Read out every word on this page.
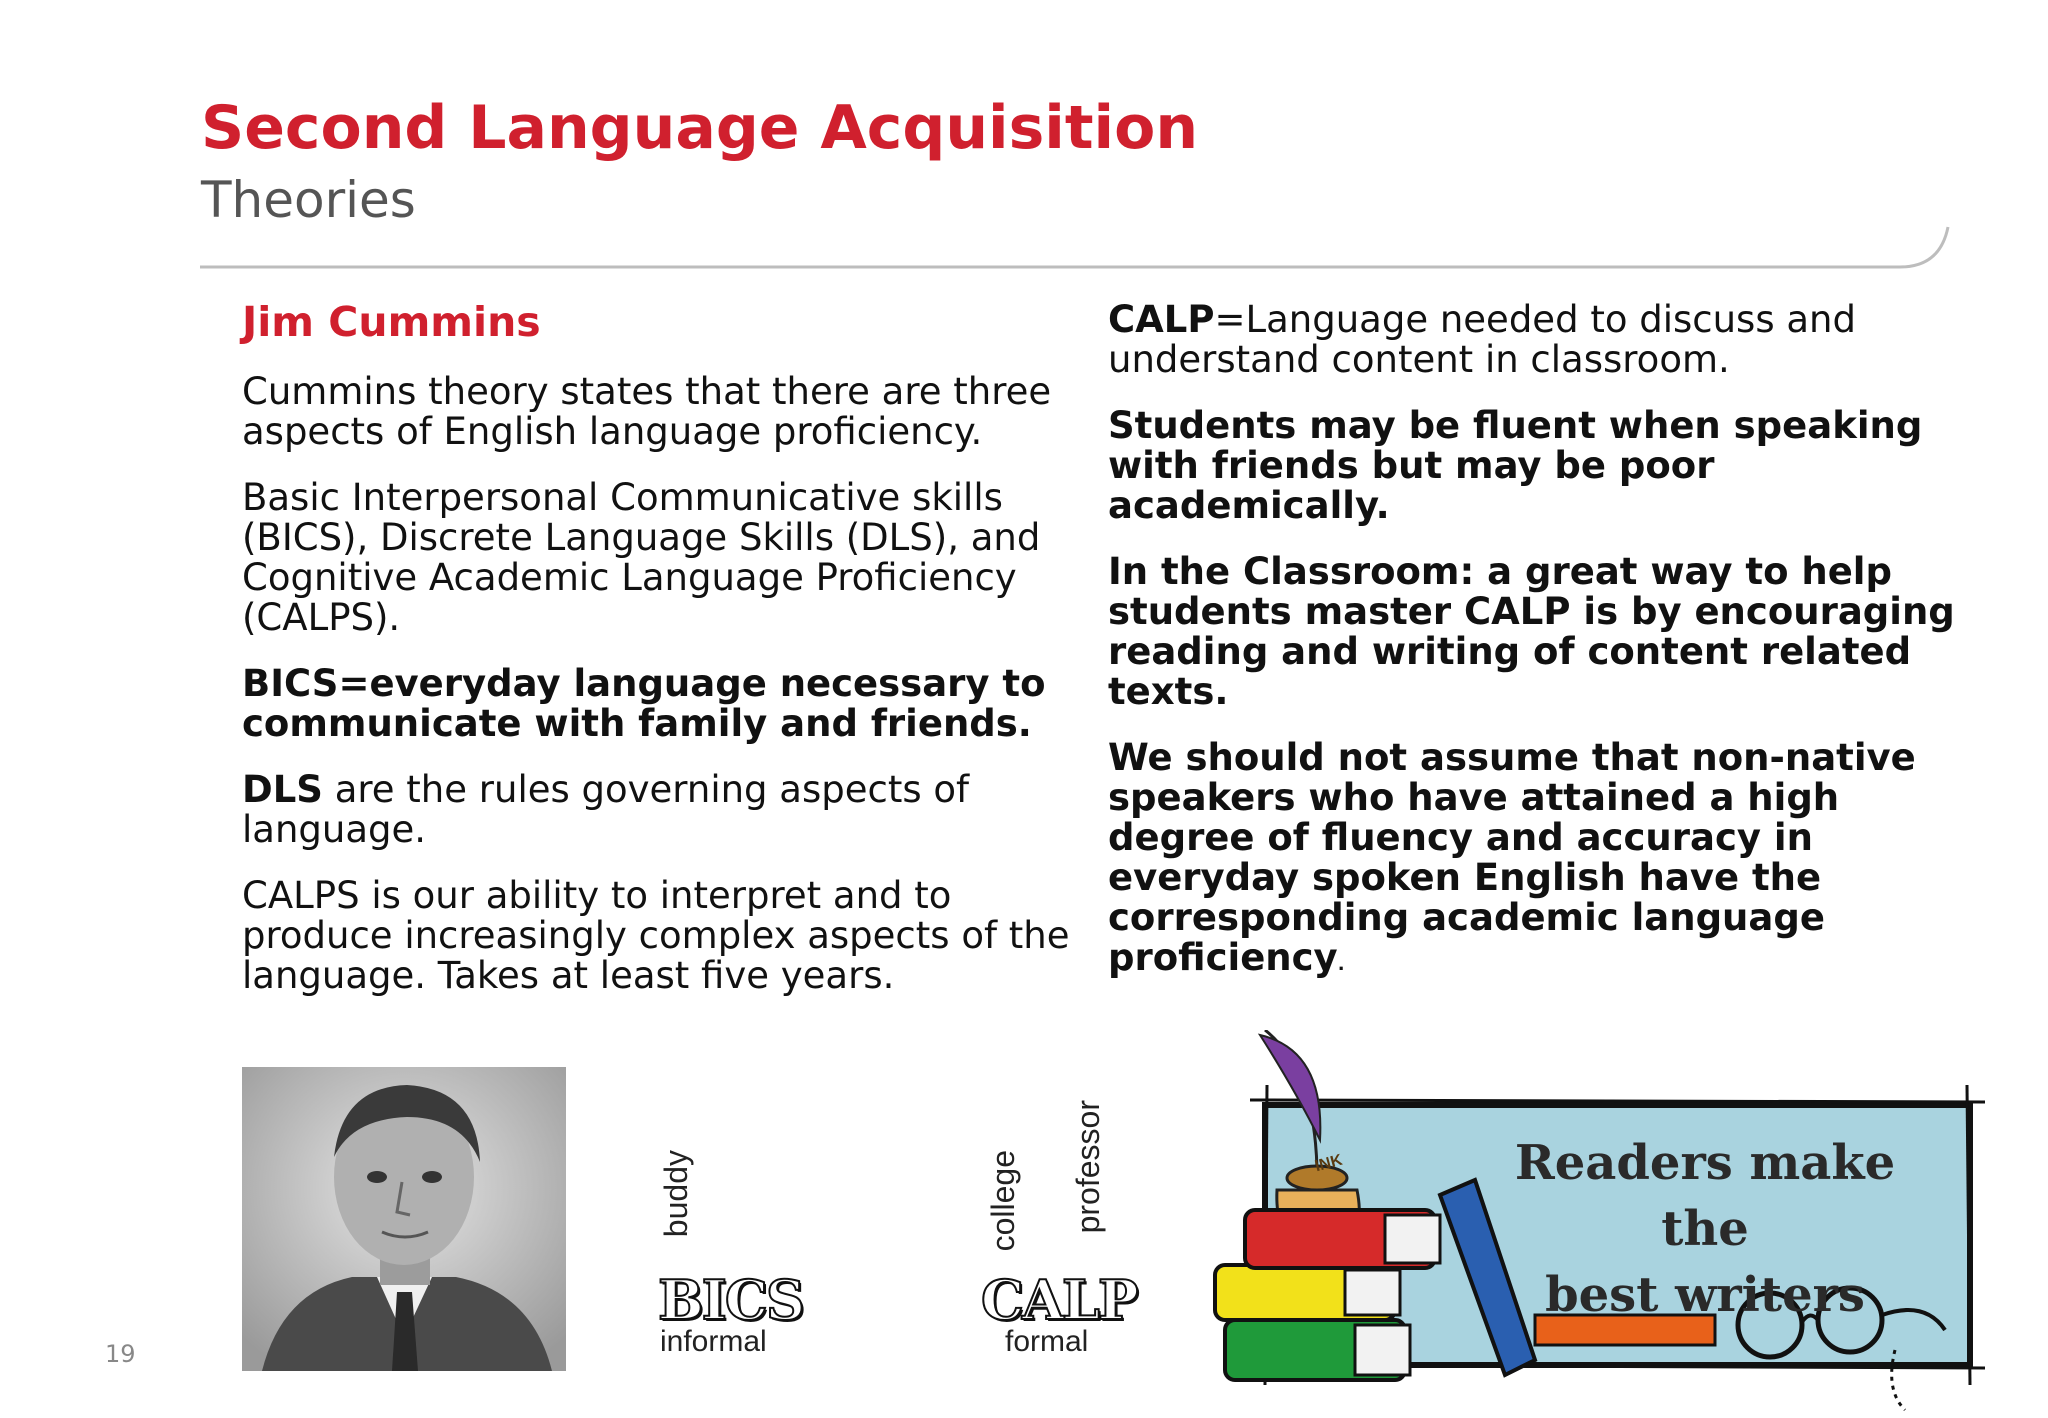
Second Language Acquisition
Theories
Jim Cummins

Cummins theory states that there are three aspects of English language proficiency.

Basic Interpersonal Communicative skills (BICS), Discrete Language Skills (DLS), and Cognitive Academic Language Proficiency (CALPS).

BICS=everyday language necessary to communicate with family and friends.

DLS are the rules governing aspects of language.

CALPS is our ability to interpret and to produce increasingly complex aspects of the language. Takes at least five years.

CALP=Language needed to discuss and understand content in classroom.

Students may be fluent when speaking with friends but may be poor academically.

In the Classroom: a great way to help students master CALP is by encouraging reading and writing of content related texts.

We should not assume that non-native speakers who have attained a high degree of fluency and accuracy in everyday spoken English have the corresponding academic language proficiency.

buddy
BICS
informal
college professor
CALP
formal
INK	Readers make the
best writers
19
